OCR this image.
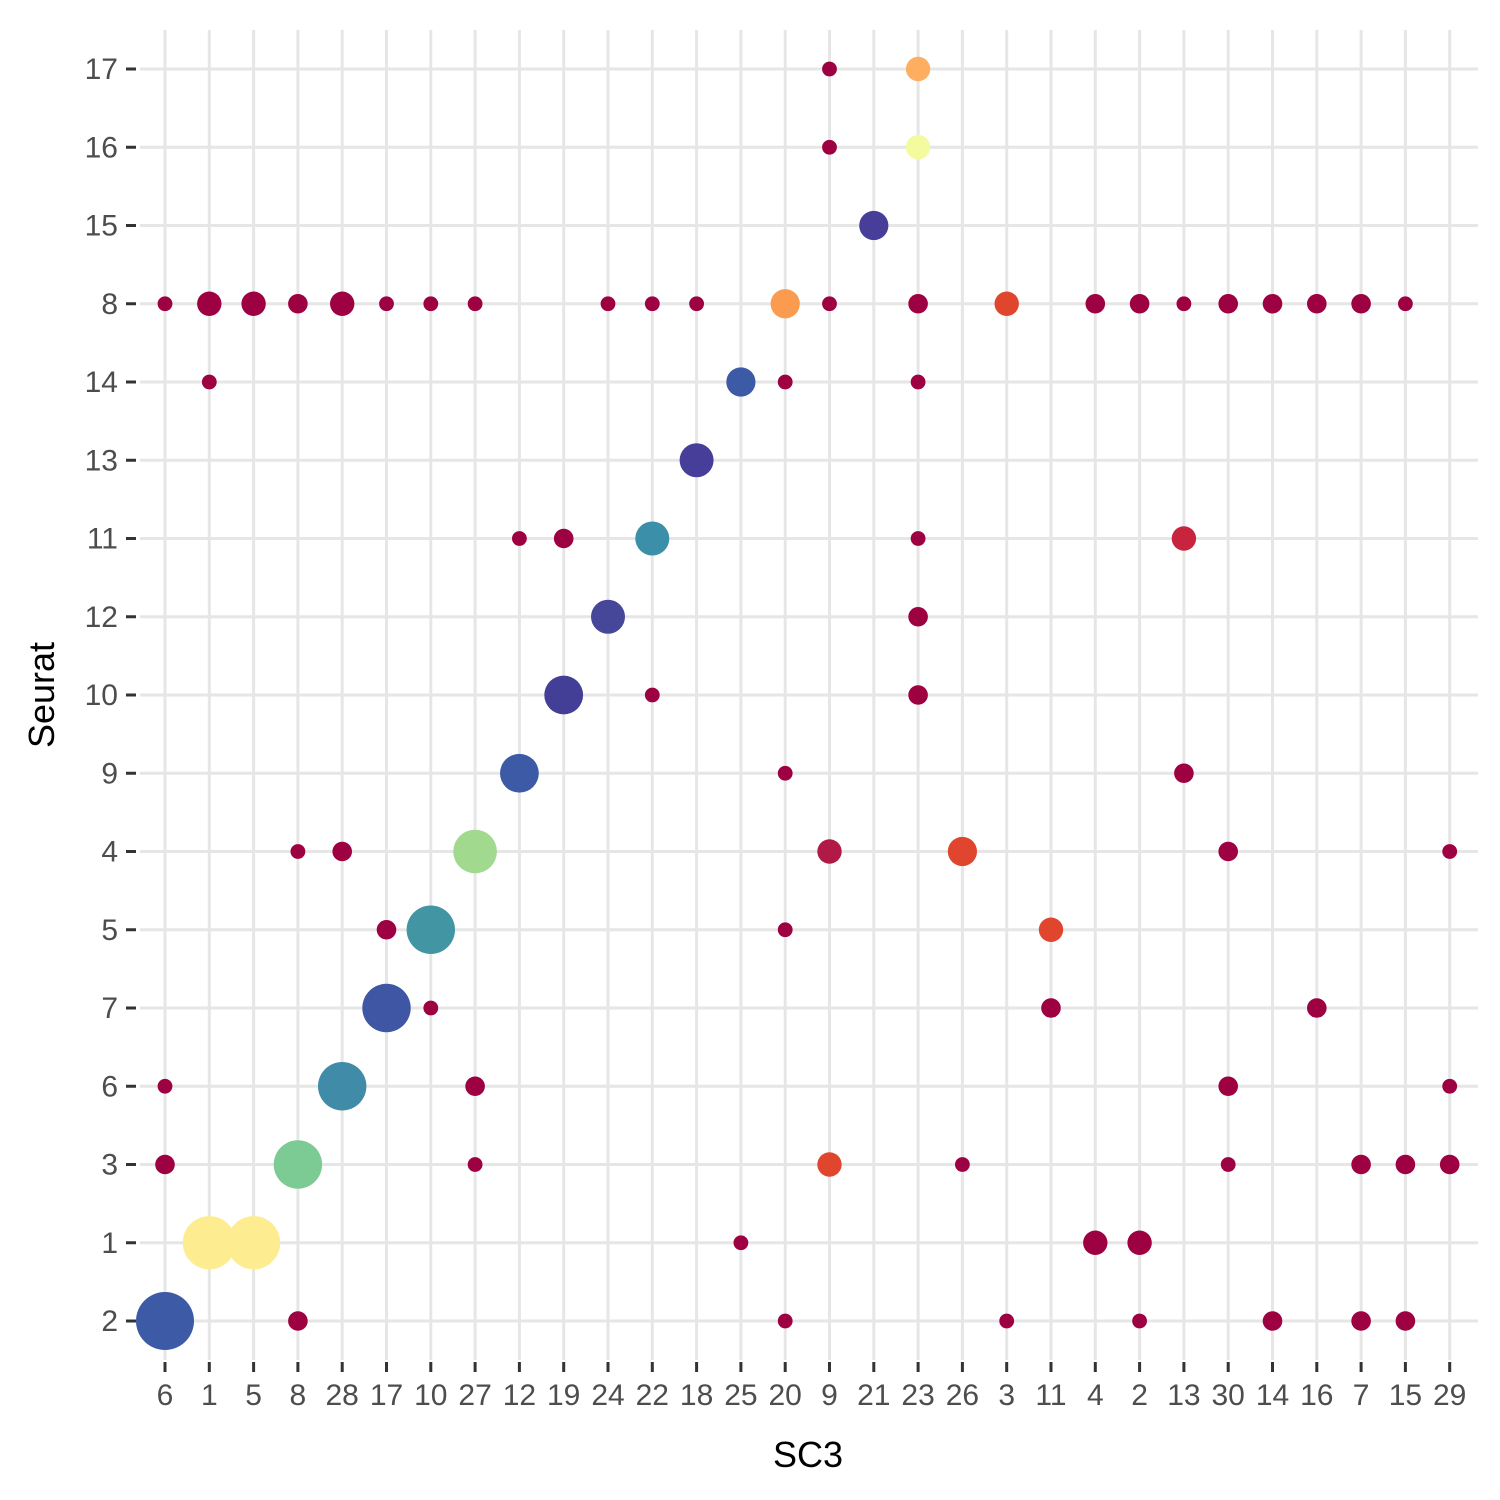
6 1 5 8 28 17 10 27 12 19 24 22 18 25 20 9 21 23 26 3 11 4 2 13 30 14 16 7 15 29
2
1
3
6
7
5
4
9
10
12
11
13
14
8
15
16
17
SC3
Seurat
